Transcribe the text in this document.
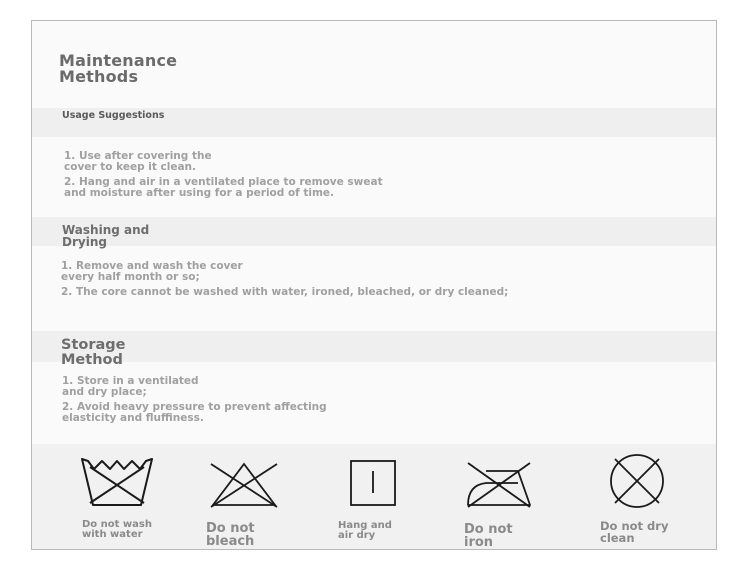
Maintenance
Methods
Usage Suggestions
1. Use after covering the
cover to keep it clean.
2. Hang and air in a ventilated place to remove sweat
and moisture after using for a period of time.
Washing and
Drying
1. Remove and wash the cover
every half month or so;
2. The core cannot be washed with water, ironed, bleached, or dry cleaned;
Storage
Method
1. Store in a ventilated
and dry place;
2. Avoid heavy pressure to prevent affecting
elasticity and fluffiness.
Do not wash
with water	Do not
bleach
Hang and
air dry	Do not
iron
Do not dry
clean
